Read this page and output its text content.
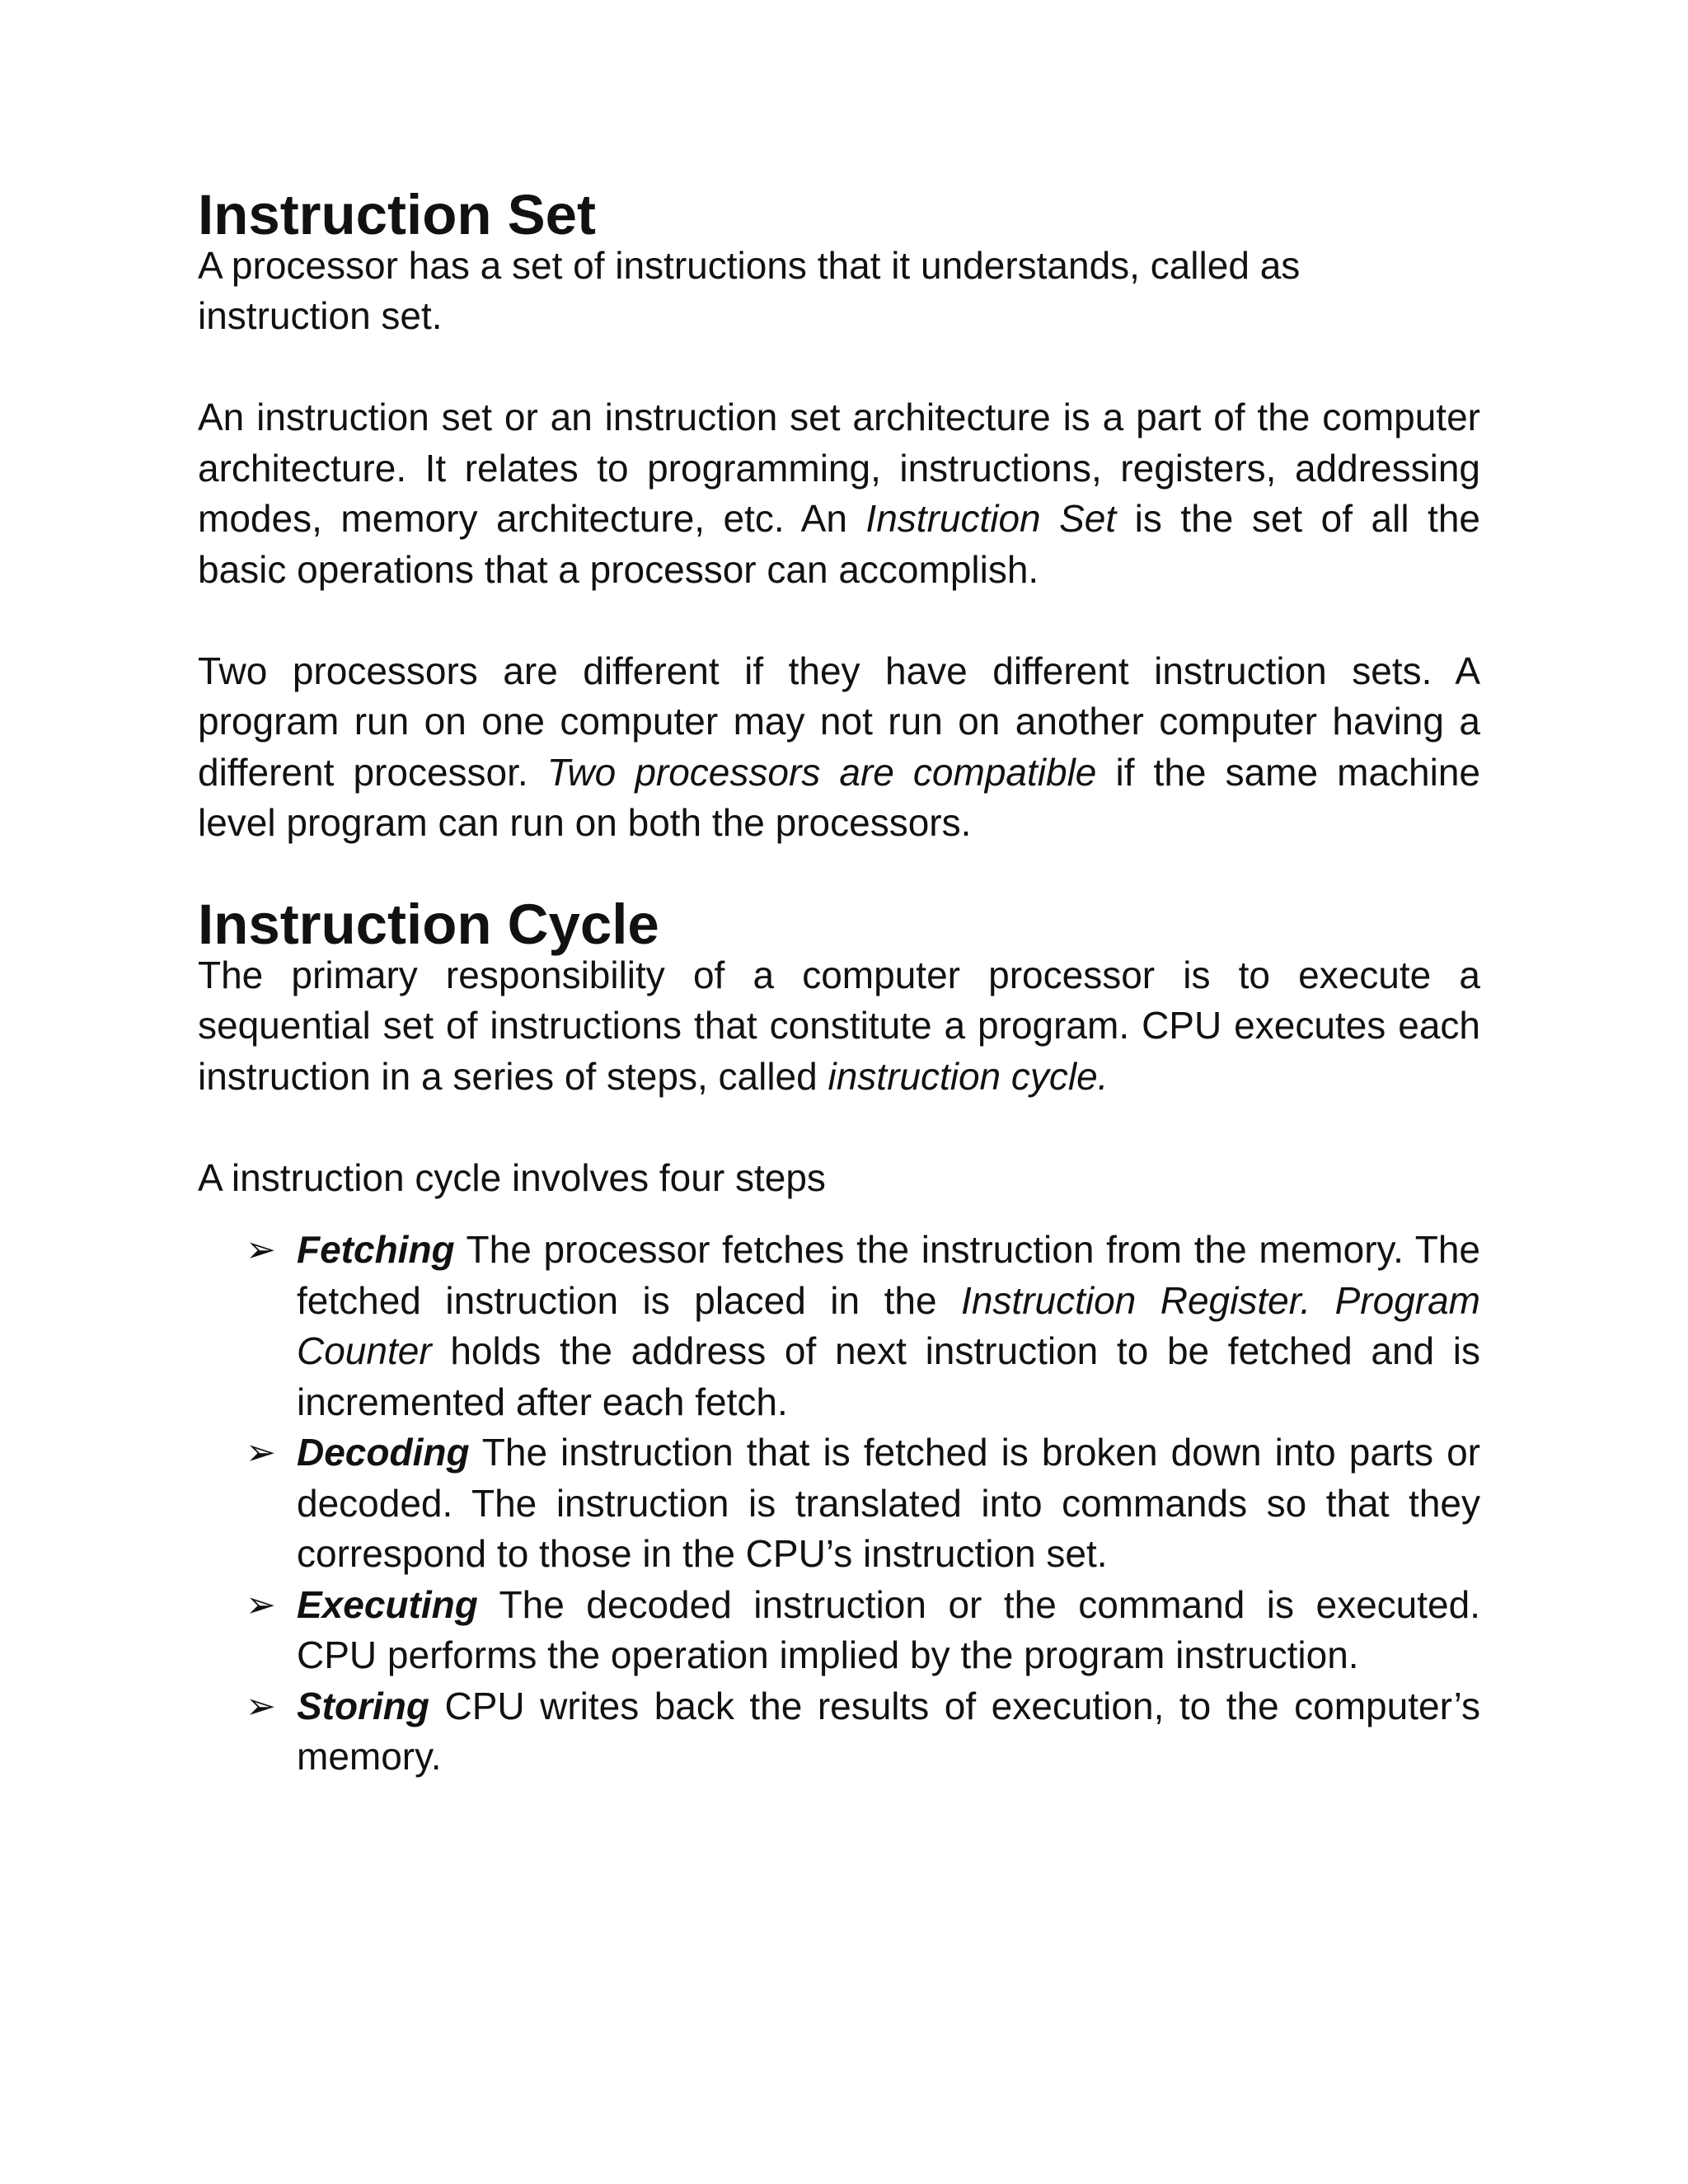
Instruction Set

A processor has a set of instructions that it understands, called as instruction set.

An instruction set or an instruction set architecture is a part of the computer architecture. It relates to programming, instructions, registers, addressing modes, memory architecture, etc. An Instruction Set is the set of all the basic operations that a processor can accomplish.

Two processors are different if they have different instruction sets. A program run on one computer may not run on another computer having a different processor. Two processors are compatible if the same machine level program can run on both the processors.

Instruction Cycle

The primary responsibility of a computer processor is to execute a sequential set of instructions that constitute a program. CPU executes each instruction in a series of steps, called instruction cycle.

A instruction cycle involves four steps

➢ Fetching The processor fetches the instruction from the memory. The fetched instruction is placed in the Instruction Register. Program Counter holds the address of next instruction to be fetched and is incremented after each fetch.
➢ Decoding The instruction that is fetched is broken down into parts or decoded. The instruction is translated into commands so that they correspond to those in the CPU’s instruction set.
➢ Executing The decoded instruction or the command is executed. CPU performs the operation implied by the program instruction.
➢ Storing CPU writes back the results of execution, to the computer’s memory.
